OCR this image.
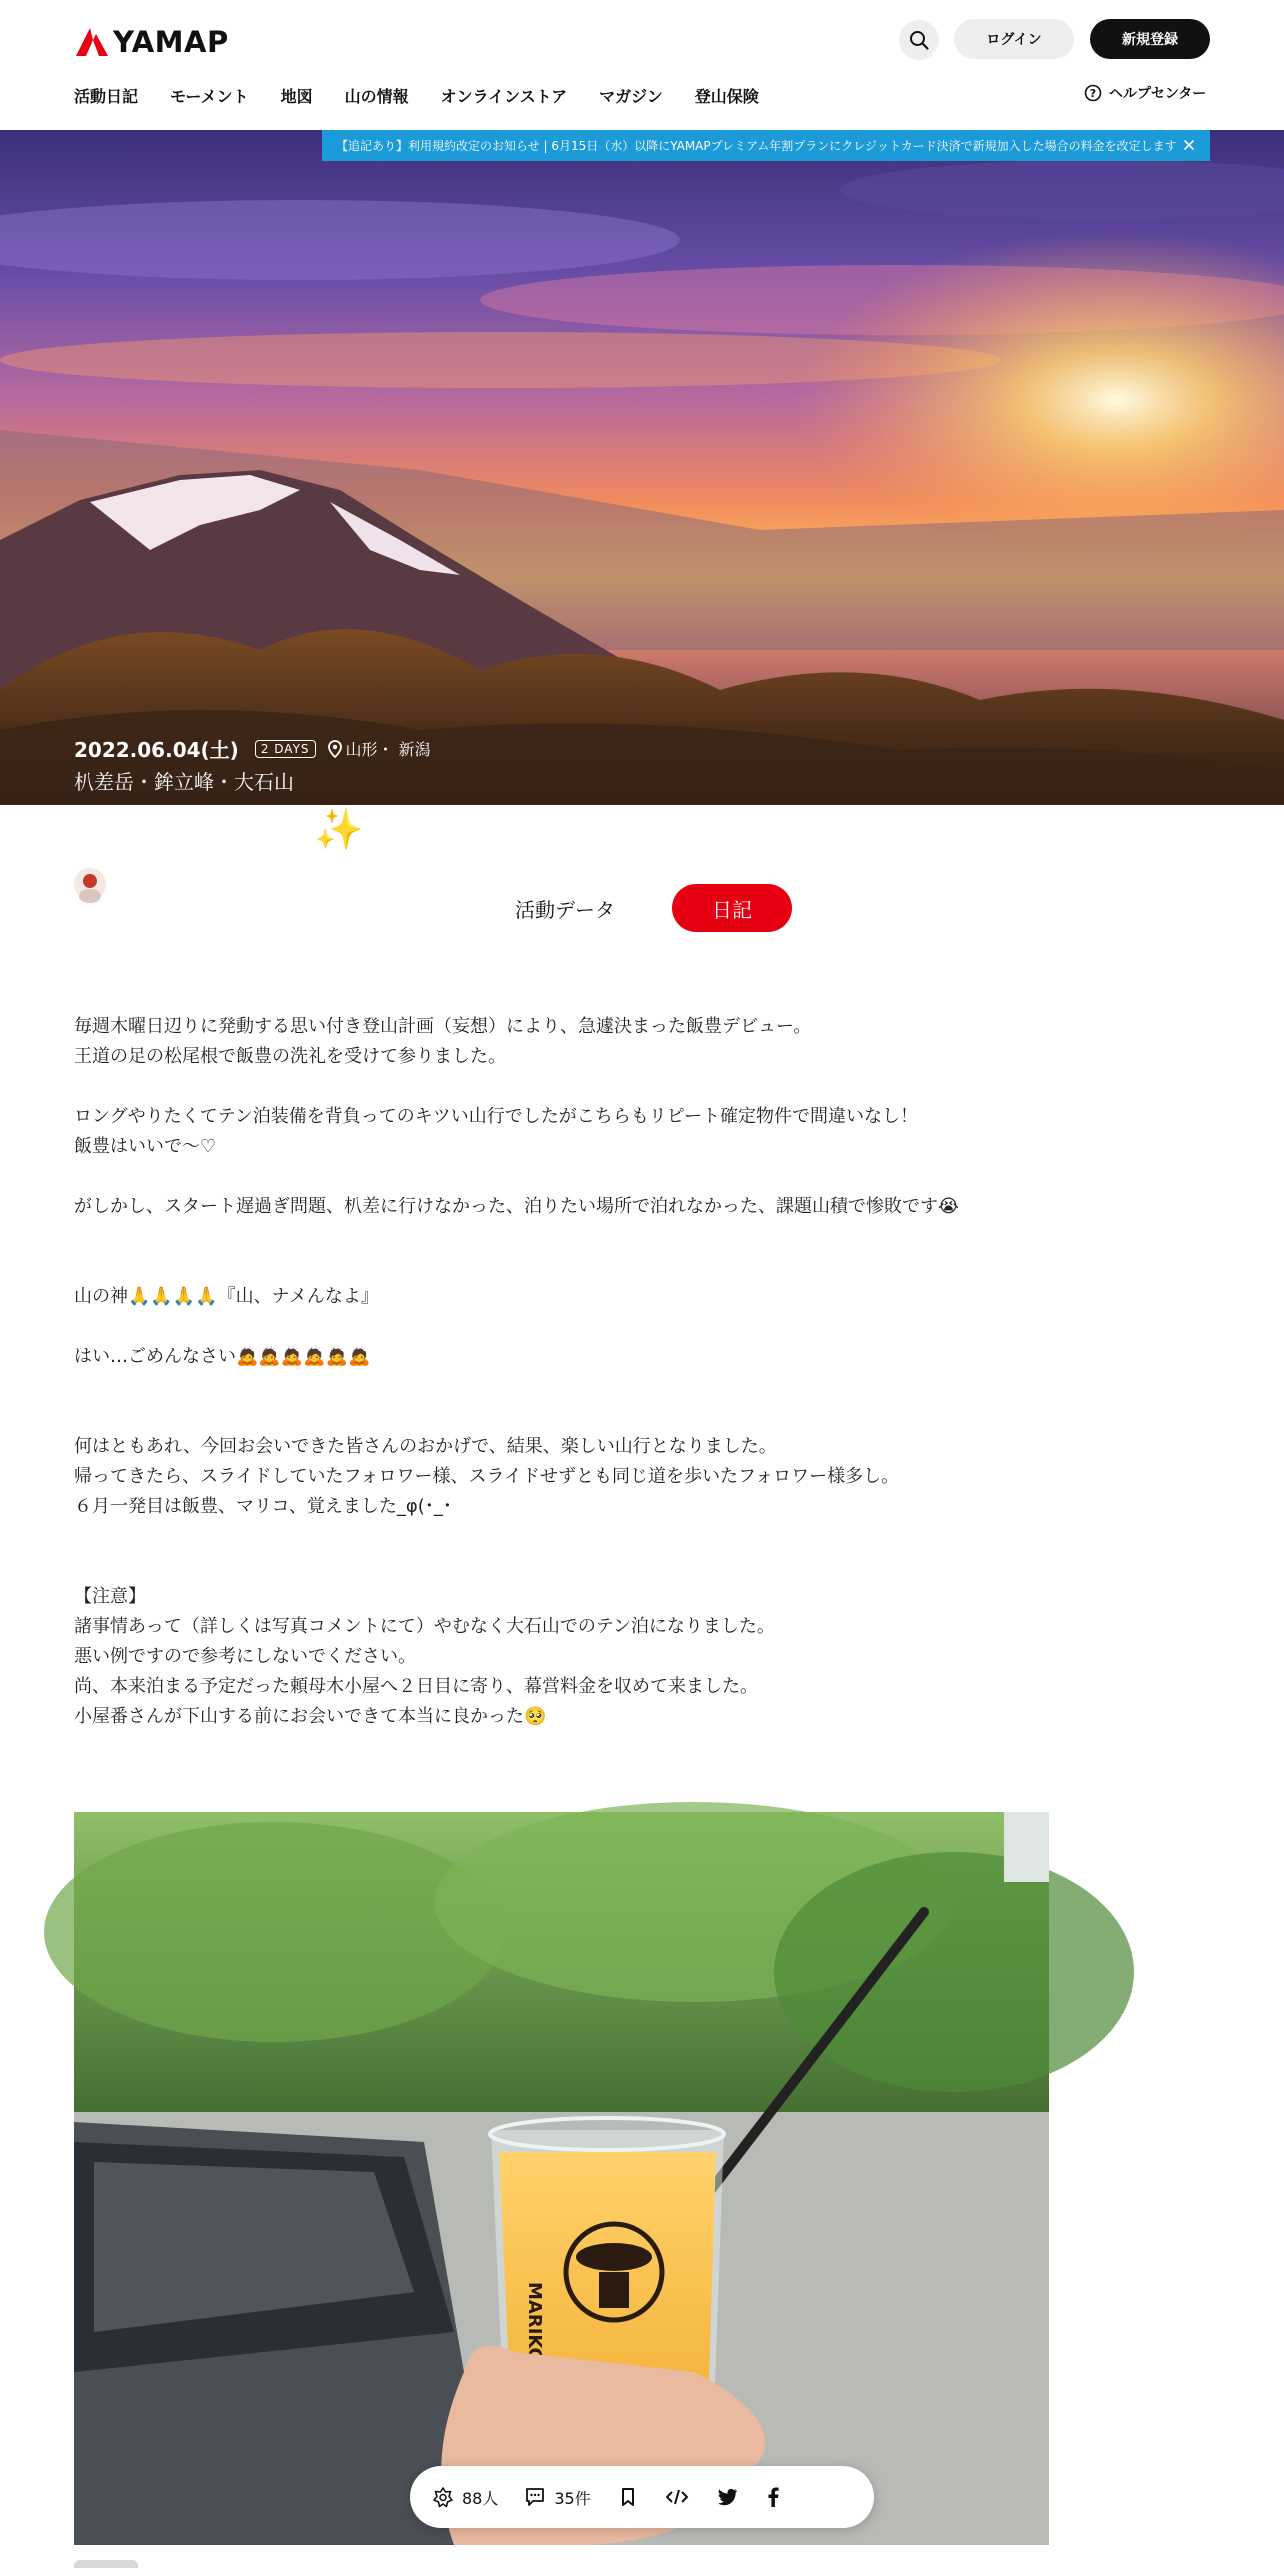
YAMAP	ログイン	新規登録
活動日記 モーメント 地図 山の情報 オンラインストア マガジン 登山保険	? ヘルプセンター
2022.06.04(土)	2 DAYS	山形・ 新潟
朳差岳・鉾立峰・大石山
飯豊デビュー✨【悪い例】
マリコメタル
【追記あり】利用規約改定のお知らせ | 6月15日（水）以降にYAMAPプレミアム年割プランにクレジットカード決済で新規加入した場合の料金を改定します
活動データ	日記
毎週木曜日辺りに発動する思い付き登山計画（妄想）により、急遽決まった飯豊デビュー。
王道の足の松尾根で飯豊の洗礼を受けて参りました。
ロングやりたくてテン泊装備を背負ってのキツい山行でしたがこちらもリピート確定物件で間違いなし！
飯豊はいいで〜♡
がしかし、スタート遅過ぎ問題、朳差に行けなかった、泊りたい場所で泊れなかった、課題山積で惨敗です😭
山の神🙏🙏🙏🙏『山、ナメんなよ』
はい…ごめんなさい🙇🙇🙇🙇🙇🙇
何はともあれ、今回お会いできた皆さんのおかげで、結果、楽しい山行となりました。
帰ってきたら、スライドしていたフォロワー様、スライドせずとも同じ道を歩いたフォロワー様多し。
６月一発目は飯豊、マリコ、覚えました_φ(･_･
【注意】
諸事情あって（詳しくは写真コメントにて）やむなく大石山でのテン泊になりました。
悪い例ですので参考にしないでください。
尚、本来泊まる予定だった頼母木小屋へ２日目に寄り、幕営料金を収めて来ました。
小屋番さんが下山する前にお会いできて本当に良かった🥺
MARIKO
88人	35件
